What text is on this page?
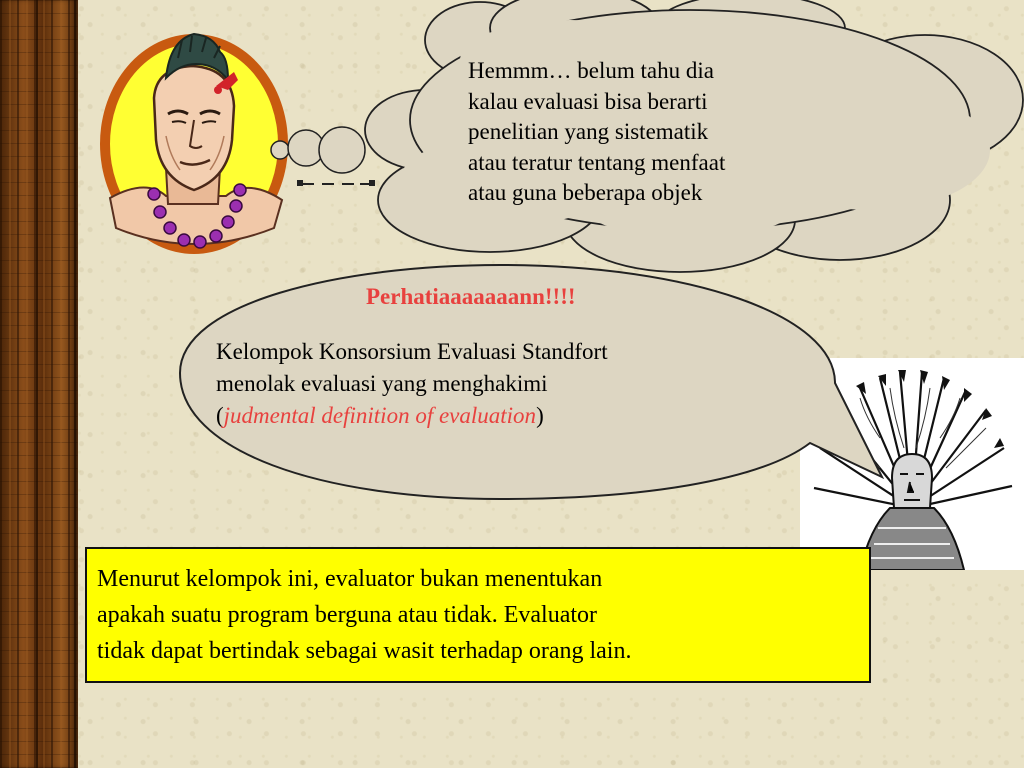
Hemmm… belum tahu dia
kalau evaluasi bisa berarti
penelitian yang sistematik
atau teratur tentang menfaat
atau guna beberapa objek
Perhatiaaaaaaann!!!!
Kelompok Konsorsium Evaluasi Standfort
menolak evaluasi yang menghakimi
(judmental definition of evaluation)
Menurut kelompok ini, evaluator bukan menentukan
apakah suatu program berguna atau tidak. Evaluator
tidak dapat bertindak sebagai wasit terhadap orang lain.
